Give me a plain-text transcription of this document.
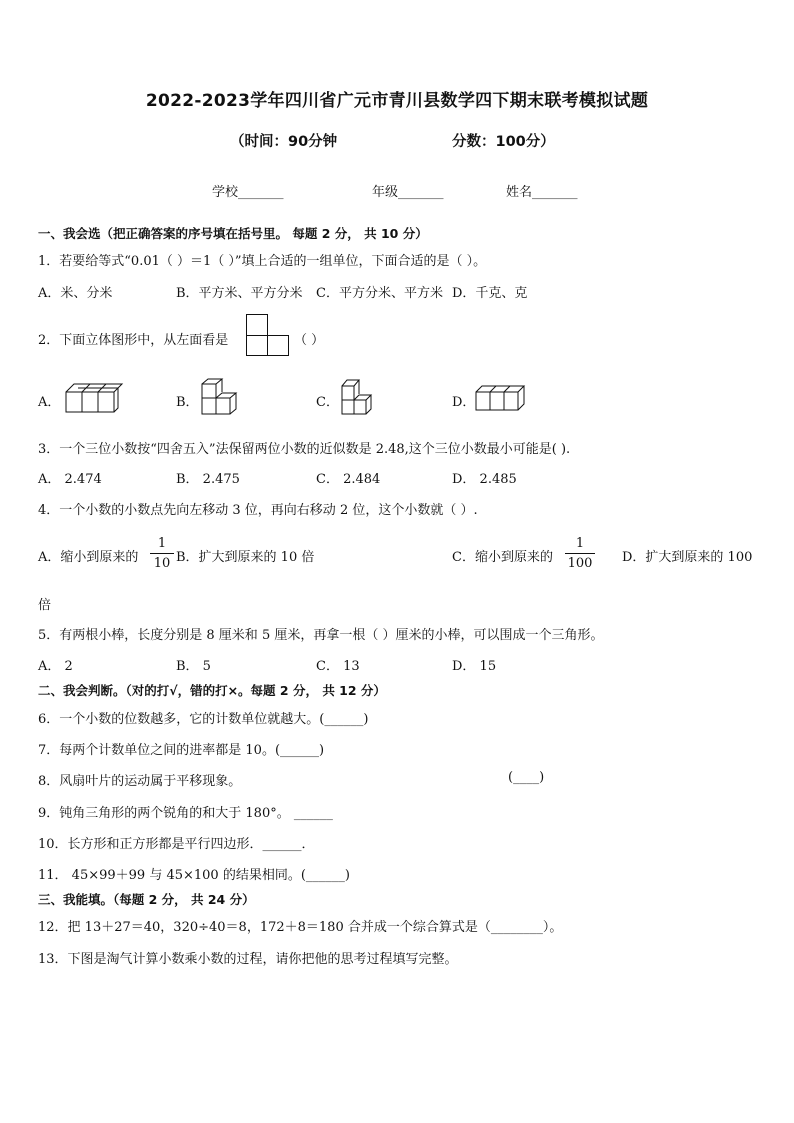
2022-2023学年四川省广元市青川县数学四下期末联考模拟试题
（时间：90分钟	分数：100分）
学校_______	年级_______	姓名_______
一、我会选（把正确答案的序号填在括号里。 每题 2 分， 共 10 分）
1．若要给等式“0.01（ ）＝1（ ）”填上合适的一组单位，下面合适的是（ ）。
A．米、分米	B．平方米、平方分米 C．平方分米、平方米 D．千克、克
2．下面立体图形中，从左面看是	（ ）
A．	B．	C．	D．
3．一个三位小数按“四舍五入”法保留两位小数的近似数是 2.48,这个三位小数最小可能是( ).
A． 2.474	B． 2.475	C． 2.484	D． 2.485
4．一个小数的小数点先向左移动 3 位，再向右移动 2 位，这个小数就（ ）.
A．缩小到原来的
1
10 B．扩大到原来的 10 倍	C．缩小到原来的
1
100 D．扩大到原来的 100
倍
5．有两根小棒，长度分别是 8 厘米和 5 厘米，再拿一根（ ）厘米的小棒，可以围成一个三角形。
A． 2	B． 5	C． 13	D． 15
二、我会判断。（对的打√，错的打×。每题 2 分， 共 12 分）
6．一个小数的位数越多，它的计数单位就越大。(______)
7．每两个计数单位之间的进率都是 10。(______)
8．风扇叶片的运动属于平移现象。	(____)
9．钝角三角形的两个锐角的和大于 180°。 ______
10．长方形和正方形都是平行四边形．______．
11． 45×99＋99 与 45×100 的结果相同。(______)
三、我能填。（每题 2 分， 共 24 分）
12．把 13＋27＝40，320÷40＝8，172＋8＝180 合并成一个综合算式是（________）。
13．下图是淘气计算小数乘小数的过程，请你把他的思考过程填写完整。
